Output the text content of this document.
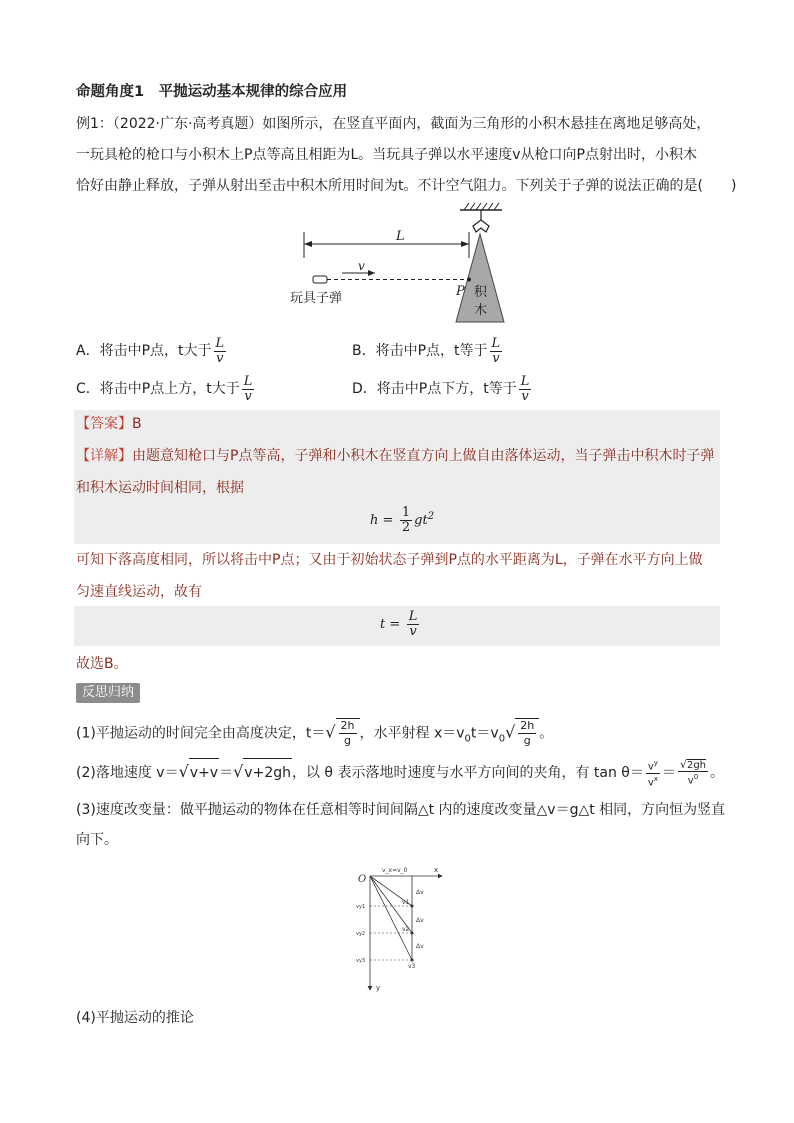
命题角度1　平抛运动基本规律的综合应用
例1：（2022·广东·高考真题）如图所示，在竖直平面内，截面为三角形的小积木悬挂在离地足够高处，
一玩具枪的枪口与小积木上P点等高且相距为L。当玩具子弹以水平速度v从枪口向P点射出时，小积木
恰好由静止释放，子弹从射出至击中积木所用时间为t。不计空气阻力。下列关于子弹的说法正确的是(　　)
L
v
P
玩具子弹	积
木
A．将击中P点，t大于 $\frac{L}{v}$	B．将击中P点，t等于 $\frac{L}{v}$
C．将击中P点上方，t大于 $\frac{L}{v}$	D．将击中P点下方，t等于 $\frac{L}{v}$
【答案】B
【详解】由题意知枪口与P点等高，子弹和小积木在竖直方向上做自由落体运动，当子弹击中积木时子弹
和积木运动时间相同，根据
$h = \frac{1}{2} gt^2$
可知下落高度相同，所以将击中P点；又由于初始状态子弹到P点的水平距离为L，子弹在水平方向上做
匀速直线运动，故有
$t = \frac{L}{v}$
故选B。
反思归纳
(1)平抛运动的时间完全由高度决定，$t=√ \frac{2h}{g}$ ，水平射程 $x=v_0t=v_0√ \frac{2h}{g}$ 。
(2)落地速度 v＝√v+v＝√v+2gh，以 θ 表示落地时速度与水平方向间的夹角，有 $\tan \theta= \frac{v^y}{v^x} = \frac{√2gh}{v^0}$ 。
(3)速度改变量：做平抛运动的物体在任意相等时间间隔△t 内的速度改变量△v＝g△t 相同，方向恒为竖直
向下。
O
x
y
v_x=v_0
Δv
Δv
Δv
v1
v2
v3
vy1
vy2
vy3
(4)平抛运动的推论
